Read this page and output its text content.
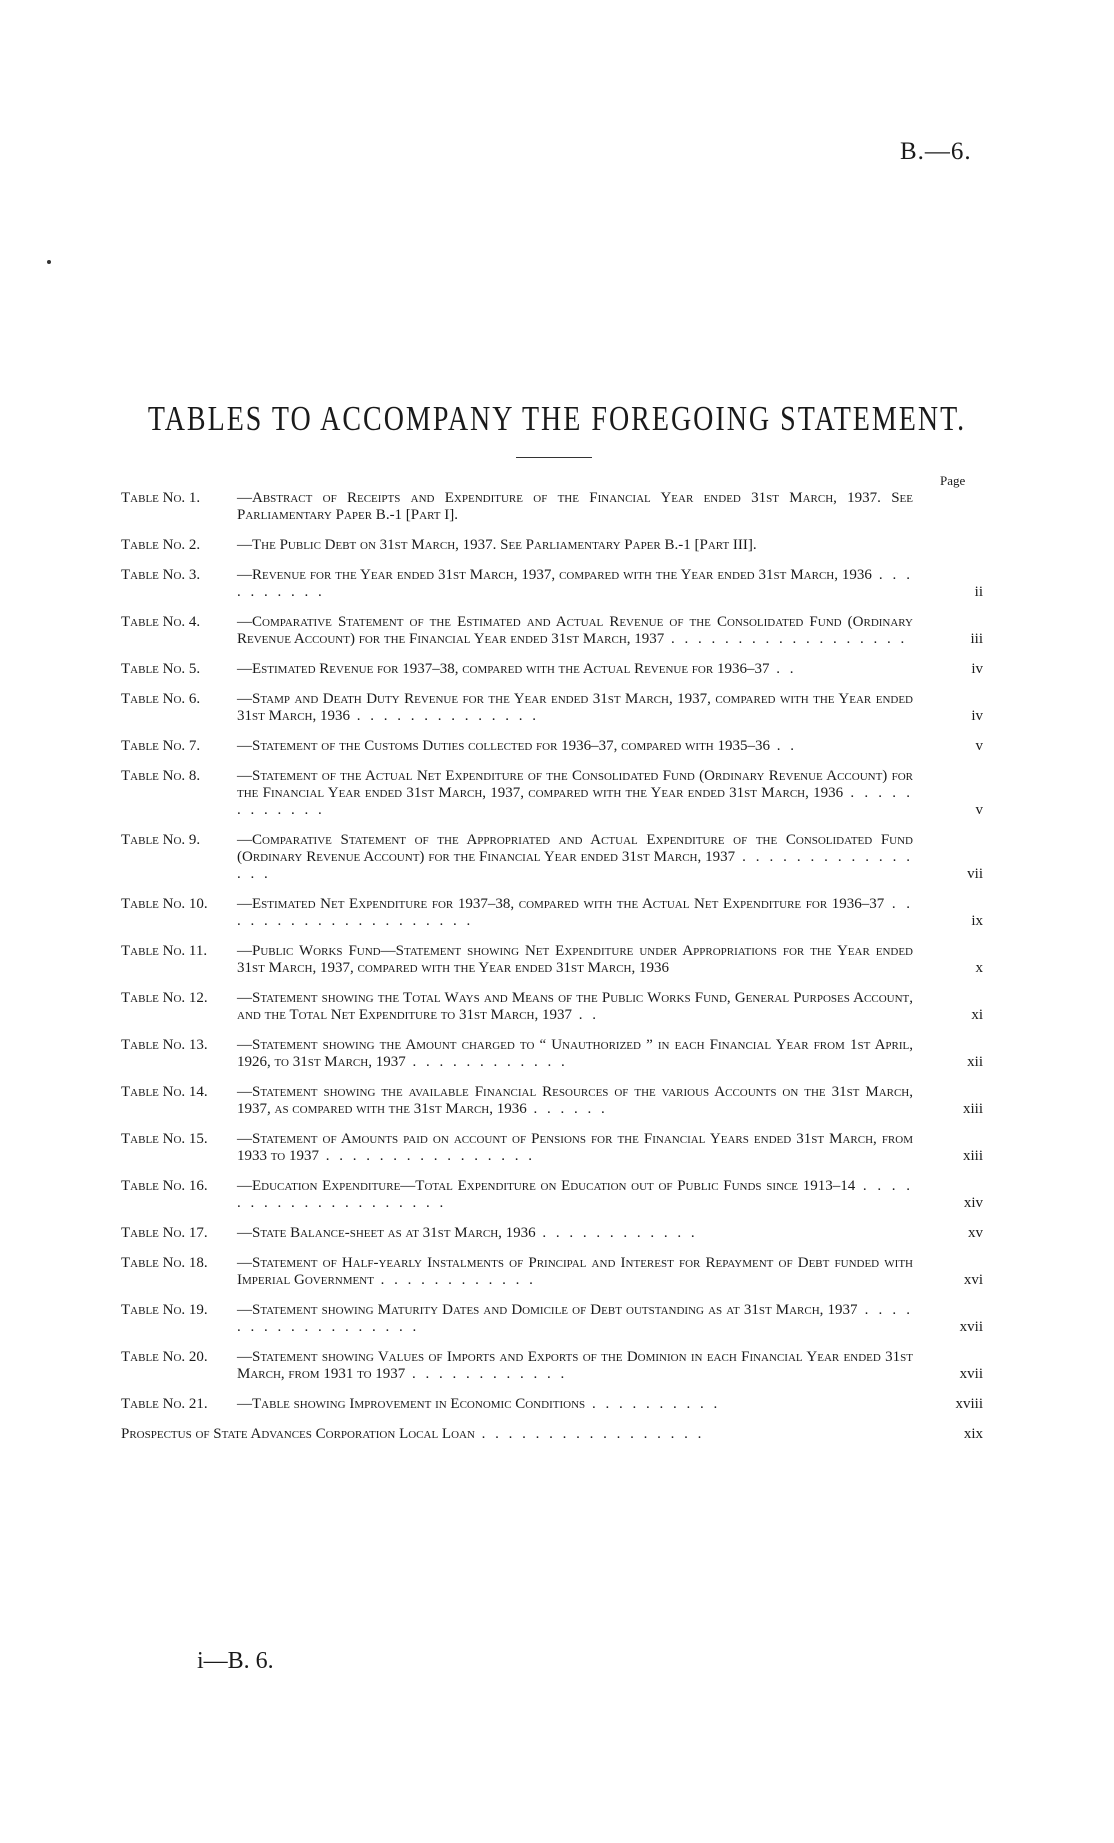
B.—6.
TABLES TO ACCOMPANY THE FOREGOING STATEMENT.
Page
Table No. 1.	—Abstract of Receipts and Expenditure of the Financial Year ended 31st March, 1937. See Parliamentary Paper B.-1 [Part I].
Table No. 2.	—The Public Debt on 31st March, 1937. See Parliamentary Paper B.-1 [Part III].
Table No. 3.	—Revenue for the Year ended 31st March, 1937, compared with the Year ended 31st March, 1936 . . . . . . . . . .	ii
Table No. 4.	—Comparative Statement of the Estimated and Actual Revenue of the Consolidated Fund (Ordinary Revenue Account) for the Financial Year ended 31st March, 1937 . . . . . . . . . . . . . . . . . .	iii
Table No. 5.	—Estimated Revenue for 1937–38, compared with the Actual Revenue for 1936–37 . .	iv
Table No. 6.	—Stamp and Death Duty Revenue for the Year ended 31st March, 1937, compared with the Year ended 31st March, 1936 . . . . . . . . . . . . . .	iv
Table No. 7.	—Statement of the Customs Duties collected for 1936–37, compared with 1935–36 . .	v
Table No. 8.	—Statement of the Actual Net Expenditure of the Consolidated Fund (Ordinary Revenue Account) for the Financial Year ended 31st March, 1937, compared with the Year ended 31st March, 1936 . . . . . . . . . . . .	v
Table No. 9.	—Comparative Statement of the Appropriated and Actual Expenditure of the Consolidated Fund (Ordinary Revenue Account) for the Financial Year ended 31st March, 1937 . . . . . . . . . . . . . . . .	vii
Table No. 10.	—Estimated Net Expenditure for 1937–38, compared with the Actual Net Expenditure for 1936–37 . . . . . . . . . . . . . . . . . . . .	ix
Table No. 11.	—Public Works Fund—Statement showing Net Expenditure under Appropriations for the Year ended 31st March, 1937, compared with the Year ended 31st March, 1936	x
Table No. 12.	—Statement showing the Total Ways and Means of the Public Works Fund, General Purposes Account, and the Total Net Expenditure to 31st March, 1937 . .	xi
Table No. 13.	—Statement showing the Amount charged to “ Unauthorized ” in each Financial Year from 1st April, 1926, to 31st March, 1937 . . . . . . . . . . . .	xii
Table No. 14.	—Statement showing the available Financial Resources of the various Accounts on the 31st March, 1937, as compared with the 31st March, 1936 . . . . . .	xiii
Table No. 15.	—Statement of Amounts paid on account of Pensions for the Financial Years ended 31st March, from 1933 to 1937 . . . . . . . . . . . . . . . .	xiii
Table No. 16.	—Education Expenditure—Total Expenditure on Education out of Public Funds since 1913–14 . . . . . . . . . . . . . . . . . . . .	xiv
Table No. 17.	—State Balance-sheet as at 31st March, 1936 . . . . . . . . . . . .	xv
Table No. 18.	—Statement of Half-yearly Instalments of Principal and Interest for Repayment of Debt funded with Imperial Government . . . . . . . . . . . .	xvi
Table No. 19.	—Statement showing Maturity Dates and Domicile of Debt outstanding as at 31st March, 1937 . . . . . . . . . . . . . . . . . .	xvii
Table No. 20.	—Statement showing Values of Imports and Exports of the Dominion in each Financial Year ended 31st March, from 1931 to 1937 . . . . . . . . . . . .	xvii
Table No. 21.	—Table showing Improvement in Economic Conditions . . . . . . . . . .	xviii
Prospectus of State Advances Corporation Local Loan . . . . . . . . . . . . . . . . .	xix
i—B. 6.
